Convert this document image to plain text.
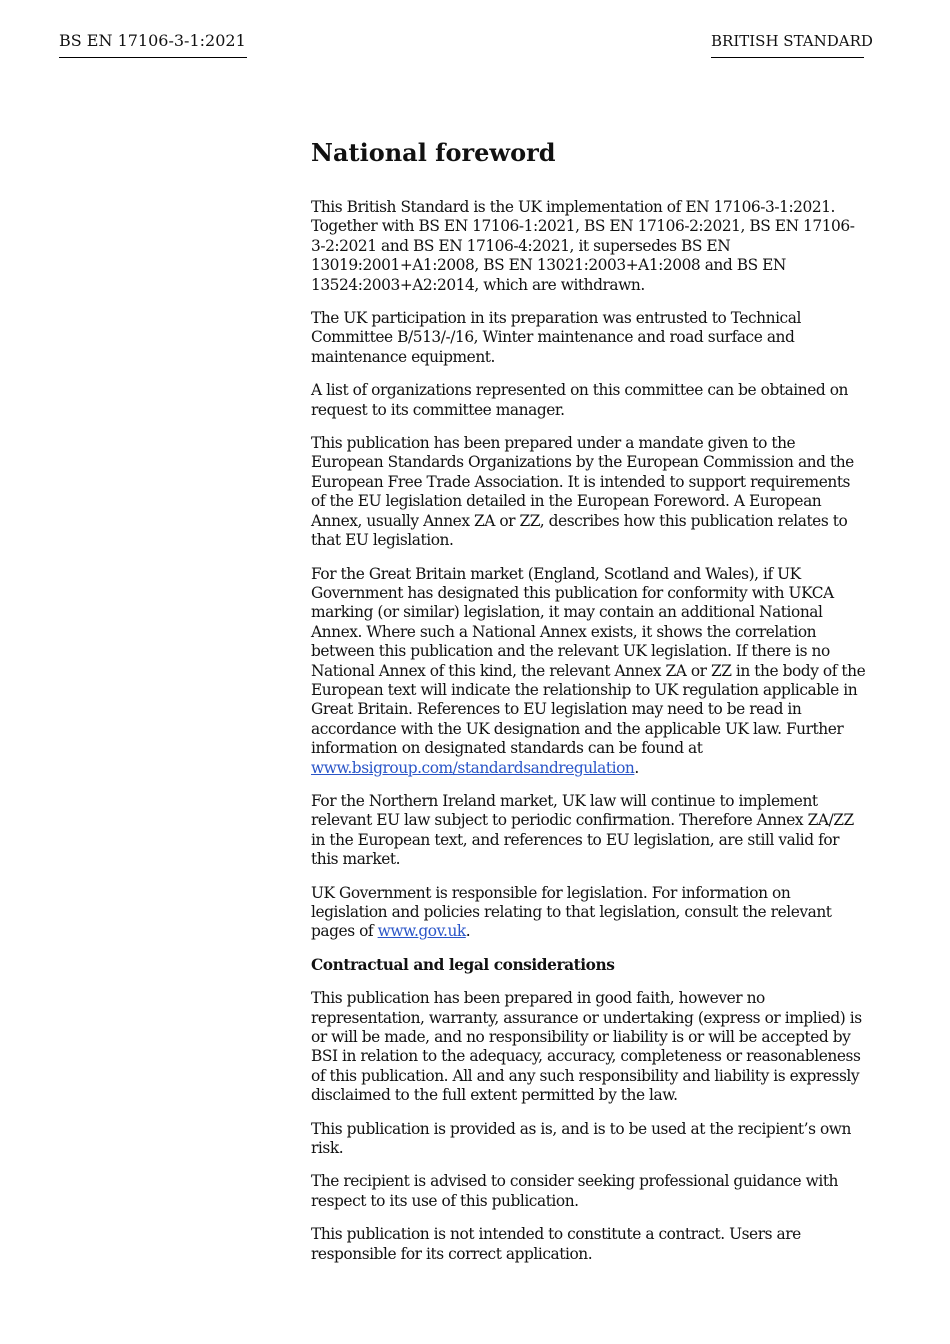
BS EN 17106-3-1:2021	BRITISH STANDARD
National foreword

This British Standard is the UK implementation of EN 17106-3-1:2021. Together with BS EN 17106-1:2021, BS EN 17106-2:2021, BS EN 17106-3-2:2021 and BS EN 17106-4:2021, it supersedes BS EN 13019:2001+A1:2008, BS EN 13021:2003+A1:2008 and BS EN 13524:2003+A2:2014, which are withdrawn.

The UK participation in its preparation was entrusted to Technical Committee B/513/-/16, Winter maintenance and road surface and maintenance equipment.

A list of organizations represented on this committee can be obtained on request to its committee manager.

This publication has been prepared under a mandate given to the European Standards Organizations by the European Commission and the European Free Trade Association. It is intended to support requirements of the EU legislation detailed in the European Foreword. A European Annex, usually Annex ZA or ZZ, describes how this publication relates to that EU legislation.

For the Great Britain market (England, Scotland and Wales), if UK Government has designated this publication for conformity with UKCA marking (or similar) legislation, it may contain an additional National Annex. Where such a National Annex exists, it shows the correlation between this publication and the relevant UK legislation. If there is no National Annex of this kind, the relevant Annex ZA or ZZ in the body of the European text will indicate the relationship to UK regulation applicable in Great Britain. References to EU legislation may need to be read in accordance with the UK designation and the applicable UK law. Further information on designated standards can be found at www.bsigroup.com/standardsandregulation.

For the Northern Ireland market, UK law will continue to implement relevant EU law subject to periodic confirmation. Therefore Annex ZA/ZZ in the European text, and references to EU legislation, are still valid for this market.

UK Government is responsible for legislation. For information on legislation and policies relating to that legislation, consult the relevant pages of www.gov.uk.

Contractual and legal considerations

This publication has been prepared in good faith, however no representation, warranty, assurance or undertaking (express or implied) is or will be made, and no responsibility or liability is or will be accepted by BSI in relation to the adequacy, accuracy, completeness or reasonableness of this publication. All and any such responsibility and liability is expressly disclaimed to the full extent permitted by the law.

This publication is provided as is, and is to be used at the recipient’s own risk.

The recipient is advised to consider seeking professional guidance with respect to its use of this publication.

This publication is not intended to constitute a contract. Users are responsible for its correct application.
